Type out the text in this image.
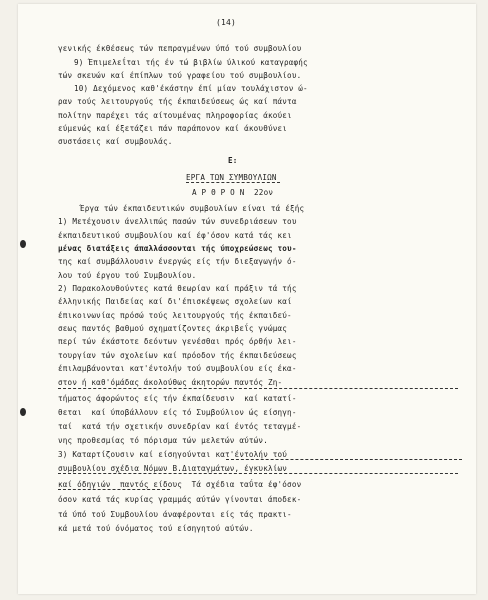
(14)
γενικής έκθέσεως τών πεπραγμένων ύπό τού συμβουλίου
9) Έπιμελεΐται τής έν τώ βιβλίω ύλικού καταγραφής
τών σκευών καί έπίπλων τού γραφείου τού συμβουλίου.
10) Δεχόμενος καθ'έκάστην έπί μίαν τουλάχιστον ώ-
ραν τούς λειτουργούς τής έκπαιδεύσεως ώς καί πάντα
πολίτην παρέχει τάς αίτουμένας πληροφορίας άκούει
εύμενώς καί έξετάζει πάν παράπονον καί άκουθύνει
συστάσεις καί συμβουλάς.
Ε:
ΕΡΓΑ ΤΩΝ ΣΥΜΒΟΥΛΙΩΝ
Α Ρ Θ Ρ Ο Ν  22ον
Έργα τών έκπαιδευτικών συμβουλίων είναι τά έξής
1) Μετέχουσιν άνελλιπώς πασών τών συνεδριάσεων του
έκπαιδευτικού συμβουλίου καί έφ'όσον κατά τάς κει
μένας διατάξεις άπαλλάσσονται τής ύποχρεώσεως του-
της καί συμβάλλουσιν ένεργώς είς τήν διεξαγωγήν ό-
λου τού έργου τού Συμβουλίου.
2) Παρακολουθούντες κατά θεωρίαν καί πράξιν τά τής
έλληνικής Παιδείας καί δι'έπισκέψεως σχολείων καί
έπικοινωνίας πρόσώ τούς λειτουργούς τής έκπαιδεύ-
σεως παντός βαθμού σχηματίζοντες άκριβεΐς γνώμας
περί τών έκάστοτε δεόντων γενέσθαι πρός όρθήν λει-
τουργίαν τών σχολείων καί πρόοδον τής έκπαιδεύσεως
έπιλαμβάνονται κατ'έντολήν τού συμβουλίου είς έκα-
στον ή καθ'όμάδας άκολούθως άκητορών παντός Ζη-
τήματος άφορώντος είς τήν έκπαίδευσιν  καί κατατί-
θεται  καί ύποβάλλουν είς τό Συμβούλιον ώς είσηγη-
ταί  κατά τήν σχετικήν συνεδρίαν καί έντός τεταγμέ-
νης προθεσμίας τό πόρισμα τών μελετών αύτών.
3) Καταρτίζουσιν καί είσηγούνται κατ'έντολήν τού
συμβουλίου σχέδια Νόμων Β.Διαταγμάτων, έγκυκλίων
καί όδηγιών  παντός είδους  Τά σχέδια ταΰτα έφ'όσον
όσον κατά τάς κυρίας γραμμάς αύτών γίνονται άποδεκ-
τά ύπό τού Συμβουλίου άναφέρονται είς τάς πρακτι-
κά μετά τού όνόματος τού είσηγητού αύτών.
